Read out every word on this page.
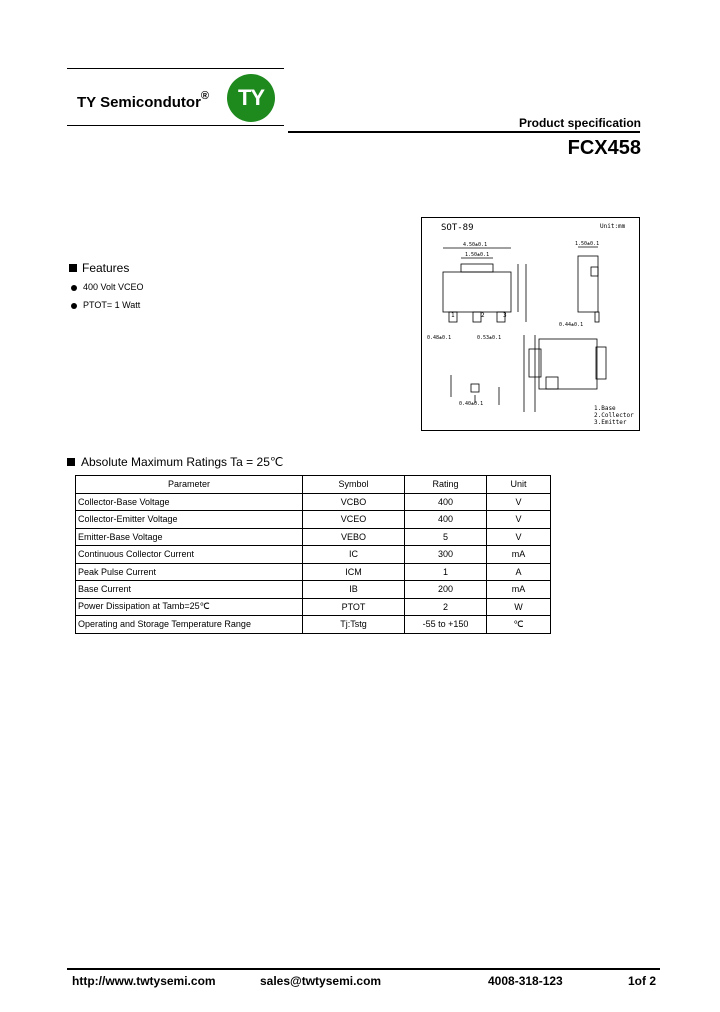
TY Semicondutor®	TY
Product specification
FCX458
4.50±0.1
1.50±0.1
1.50±0.1
0.44±0.1
0.48±0.1	0.53±0.1
0.40±0.1
SOT-89	Unit:mm
1	2	3
1.Base
2.Collector
3.Emitter
Features
400 Volt VCEO
PTOT= 1 Watt
Absolute Maximum Ratings Ta = 25℃
Parameter	Symbol	Rating	Unit
Collector-Base Voltage	VCBO	400	V
Collector-Emitter Voltage	VCEO	400	V
Emitter-Base Voltage	VEBO	5	V
Continuous Collector Current	IC	300	mA
Peak Pulse Current	ICM	1	A
Base Current	IB	200	mA
Power Dissipation at Tamb=25℃	PTOT	2	W
Operating and Storage Temperature Range	Tj:Tstg	-55 to +150	℃
http://www.twtysemi.com	sales@twtysemi.com	4008-318-123	1of 2
